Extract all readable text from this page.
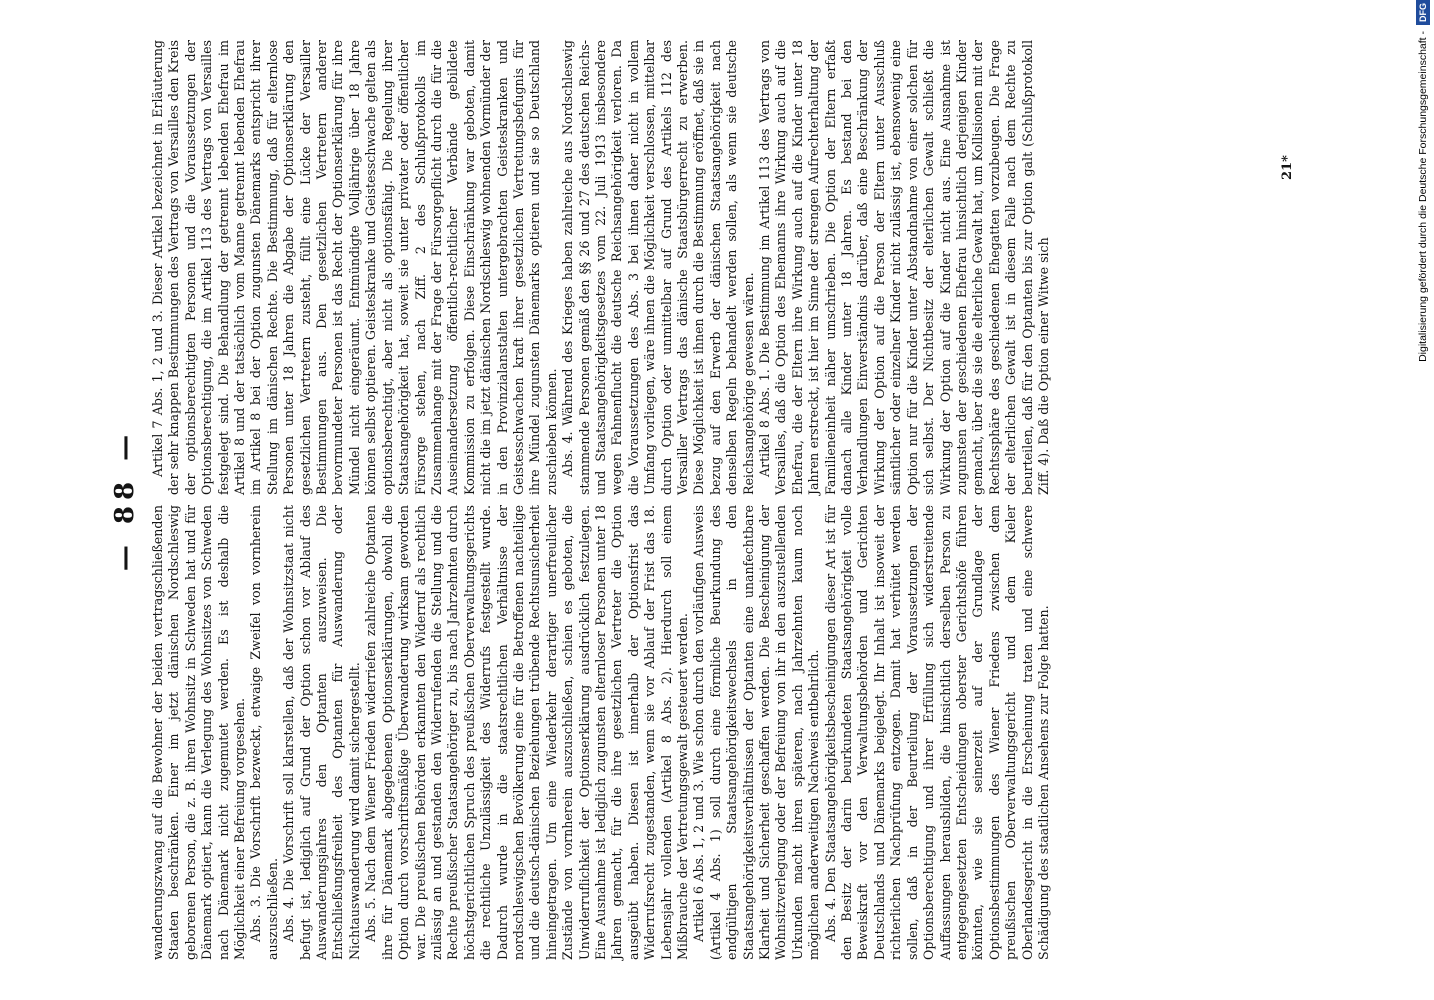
— 88 —

wanderungszwang auf die Bewohner der beiden vertragschließenden Staaten beschränken. Einer im jetzt dänischen Nordschleswig geborenen Person, die z. B. ihren Wohnsitz in Schweden hat und für Dänemark optiert, kann die Verlegung des Wohnsitzes von Schweden nach Dänemark nicht zugemutet werden. Es ist deshalb die Möglichkeit einer Befreiung vorgesehen. Abs. 3. Die Vorschrift bezweckt, etwaige Zweifel von vornherein auszuschließen. Abs. 4. Die Vorschrift soll klarstellen, daß der Wohnsitzstaat nicht befugt ist, lediglich auf Grund der Option schon vor Ablauf des Auswanderungsjahres den Optanten auszuweisen. Die Entschließungsfreiheit des Optanten für Auswanderung oder Nichtauswanderung wird damit sichergestellt. Abs. 5. Nach dem Wiener Frieden widerriefen zahlreiche Optanten ihre für Dänemark abgegebenen Optionserklärungen, obwohl die Option durch vorschriftsmäßige Überwanderung wirksam geworden war. Die preußischen Behörden erkannten den Widerruf als rechtlich zulässig an und gestanden den Widerrufenden die Stellung und die Rechte preußischer Staatsangehöriger zu, bis nach Jahrzehnten durch höchstgerichtlichen Spruch des preußischen Oberverwaltungsgerichts die rechtliche Unzulässigkeit des Widerrufs festgestellt wurde. Dadurch wurde in die staatsrechtlichen Verhältnisse der nordschleswigschen Bevölkerung eine für die Betroffenen nachteilige und die deutsch-dänischen Beziehungen trübende Rechtsunsicherheit hineingetragen. Um eine Wiederkehr derartiger unerfreulicher Zustände von vornherein auszuschließen, schien es geboten, die Unwiderruflichkeit der Optionserklärung ausdrücklich festzulegen. Eine Ausnahme ist lediglich zugunsten elternloser Personen unter 18 Jahren gemacht, für die ihre gesetzlichen Vertreter die Option ausgeübt haben. Diesen ist innerhalb der Optionsfrist das Widerrufsrecht zugestanden, wenn sie vor Ablauf der Frist das 18. Lebensjahr vollenden (Artikel 8 Abs. 2). Hierdurch soll einem Mißbrauche der Vertretungsgewalt gesteuert werden. Artikel 6 Abs. 1, 2 und 3. Wie schon durch den vorläufigen Ausweis (Artikel 4 Abs. 1) soll durch eine förmliche Beurkundung des endgültigen Staatsangehörigkeitswechsels in den Staatsangehörigkeitsverhältnissen der Optanten eine unanfechtbare Klarheit und Sicherheit geschaffen werden. Die Bescheinigung der Wohnsitzverlegung oder der Befreiung von ihr in den auszustellenden Urkunden macht ihren späteren, nach Jahrzehnten kaum noch möglichen anderweitigen Nachweis entbehrlich. Abs. 4. Den Staatsangehörigkeitsbescheinigungen dieser Art ist für den Besitz der darin beurkundeten Staatsangehörigkeit volle Beweiskraft vor den Verwaltungsbehörden und Gerichten Deutschlands und Dänemarks beigelegt. Ihr Inhalt ist insoweit der richterlichen Nachprüfung entzogen. Damit hat verhütet werden sollen, daß in der Beurteilung der Voraussetzungen der Optionsberechtigung und ihrer Erfüllung sich widerstreitende Auffassungen herausbilden, die hinsichtlich derselben Person zu entgegengesetzten Entscheidungen oberster Gerichtshöfe führen könnten, wie sie seinerzeit auf der Grundlage der Optionsbestimmungen des Wiener Friedens zwischen dem preußischen Oberverwaltungsgericht und dem Kieler Oberlandesgericht in die Erscheinung traten und eine schwere Schädigung des staatlichen Ansehens zur Folge hatten.

Artikel 7 Abs. 1, 2 und 3. Dieser Artikel bezeichnet in Erläuterung der sehr knappen Bestimmungen des Vertrags von Versailles den Kreis der optionsberechtigten Personen und die Voraussetzungen der Optionsberechtigung, die im Artikel 113 des Vertrags von Versailles festgelegt sind. Die Behandlung der getrennt lebenden Ehefrau im Artikel 8 und der tatsächlich vom Manne getrennt lebenden Ehefrau im Artikel 8 bei der Option zugunsten Dänemarks entspricht ihrer Stellung im dänischen Rechte. Die Bestimmung, daß für elternlose Personen unter 18 Jahren die Abgabe der Optionserklärung den gesetzlichen Vertretern zusteht, füllt eine Lücke der Versailler Bestimmungen aus. Den gesetzlichen Vertretern anderer bevormundeter Personen ist das Recht der Optionserklärung für ihre Mündel nicht eingeräumt. Entmündigte Volljährige über 18 Jahre können selbst optieren. Geisteskranke und Geistesschwache gelten als optionsberechtigt, aber nicht als optionsfähig. Die Regelung ihrer Staatsangehörigkeit hat, soweit sie unter privater oder öffentlicher Fürsorge stehen, nach Ziff. 2 des Schlußprotokolls im Zusammenhange mit der Frage der Fürsorgepflicht durch die für die Auseinandersetzung öffentlich-rechtlicher Verbände gebildete Kommission zu erfolgen. Diese Einschränkung war geboten, damit nicht die im jetzt dänischen Nordschleswig wohnenden Vormünder der in den Provinzialanstalten untergebrachten Geisteskranken und Geistesschwachen kraft ihrer gesetzlichen Vertretungsbefugnis für ihre Mündel zugunsten Dänemarks optieren und sie so Deutschland zuschieben können. Abs. 4. Während des Krieges haben zahlreiche aus Nordschleswig stammende Personen gemäß den §§ 26 und 27 des deutschen Reichs- und Staatsangehörigkeitsgesetzes vom 22. Juli 1913 insbesondere wegen Fahnenflucht die deutsche Reichsangehörigkeit verloren. Da die Voraussetzungen des Abs. 3 bei ihnen daher nicht in vollem Umfang vorliegen, wäre ihnen die Möglichkeit verschlossen, mittelbar durch Option oder unmittelbar auf Grund des Artikels 112 des Versailler Vertrags das dänische Staatsbürgerrecht zu erwerben. Diese Möglichkeit ist ihnen durch die Bestimmung eröffnet, daß sie in bezug auf den Erwerb der dänischen Staatsangehörigkeit nach denselben Regeln behandelt werden sollen, als wenn sie deutsche Reichsangehörige gewesen wären. Artikel 8 Abs. 1. Die Bestimmung im Artikel 113 des Vertrags von Versailles, daß die Option des Ehemanns ihre Wirkung auch auf die Ehefrau, die der Eltern ihre Wirkung auch auf die Kinder unter 18 Jahren erstreckt, ist hier im Sinne der strengen Aufrechterhaltung der Familieneinheit näher umschrieben. Die Option der Eltern erfaßt danach alle Kinder unter 18 Jahren. Es bestand bei den Verhandlungen Einverständnis darüber, daß eine Beschränkung der Wirkung der Option auf die Person der Eltern unter Ausschluß sämtlicher oder einzelner Kinder nicht zulässig ist, ebensowenig eine Option nur für die Kinder unter Abstandnahme von einer solchen für sich selbst. Der Nichtbesitz der elterlichen Gewalt schließt die Wirkung der Option auf die Kinder nicht aus. Eine Ausnahme ist zugunsten der geschiedenen Ehefrau hinsichtlich derjenigen Kinder gemacht, über die sie die elterliche Gewalt hat, um Kollisionen mit der Rechtssphäre des geschiedenen Ehegatten vorzubeugen. Die Frage der elterlichen Gewalt ist in diesem Falle nach dem Rechte zu beurteilen, daß für den Optanten bis zur Option galt (Schlußprotokoll Ziff. 4). Daß die Option einer Witwe sich

21*	Digitalisierung gefördert durch die Deutsche Forschungsgemeinschaft -
DFG
